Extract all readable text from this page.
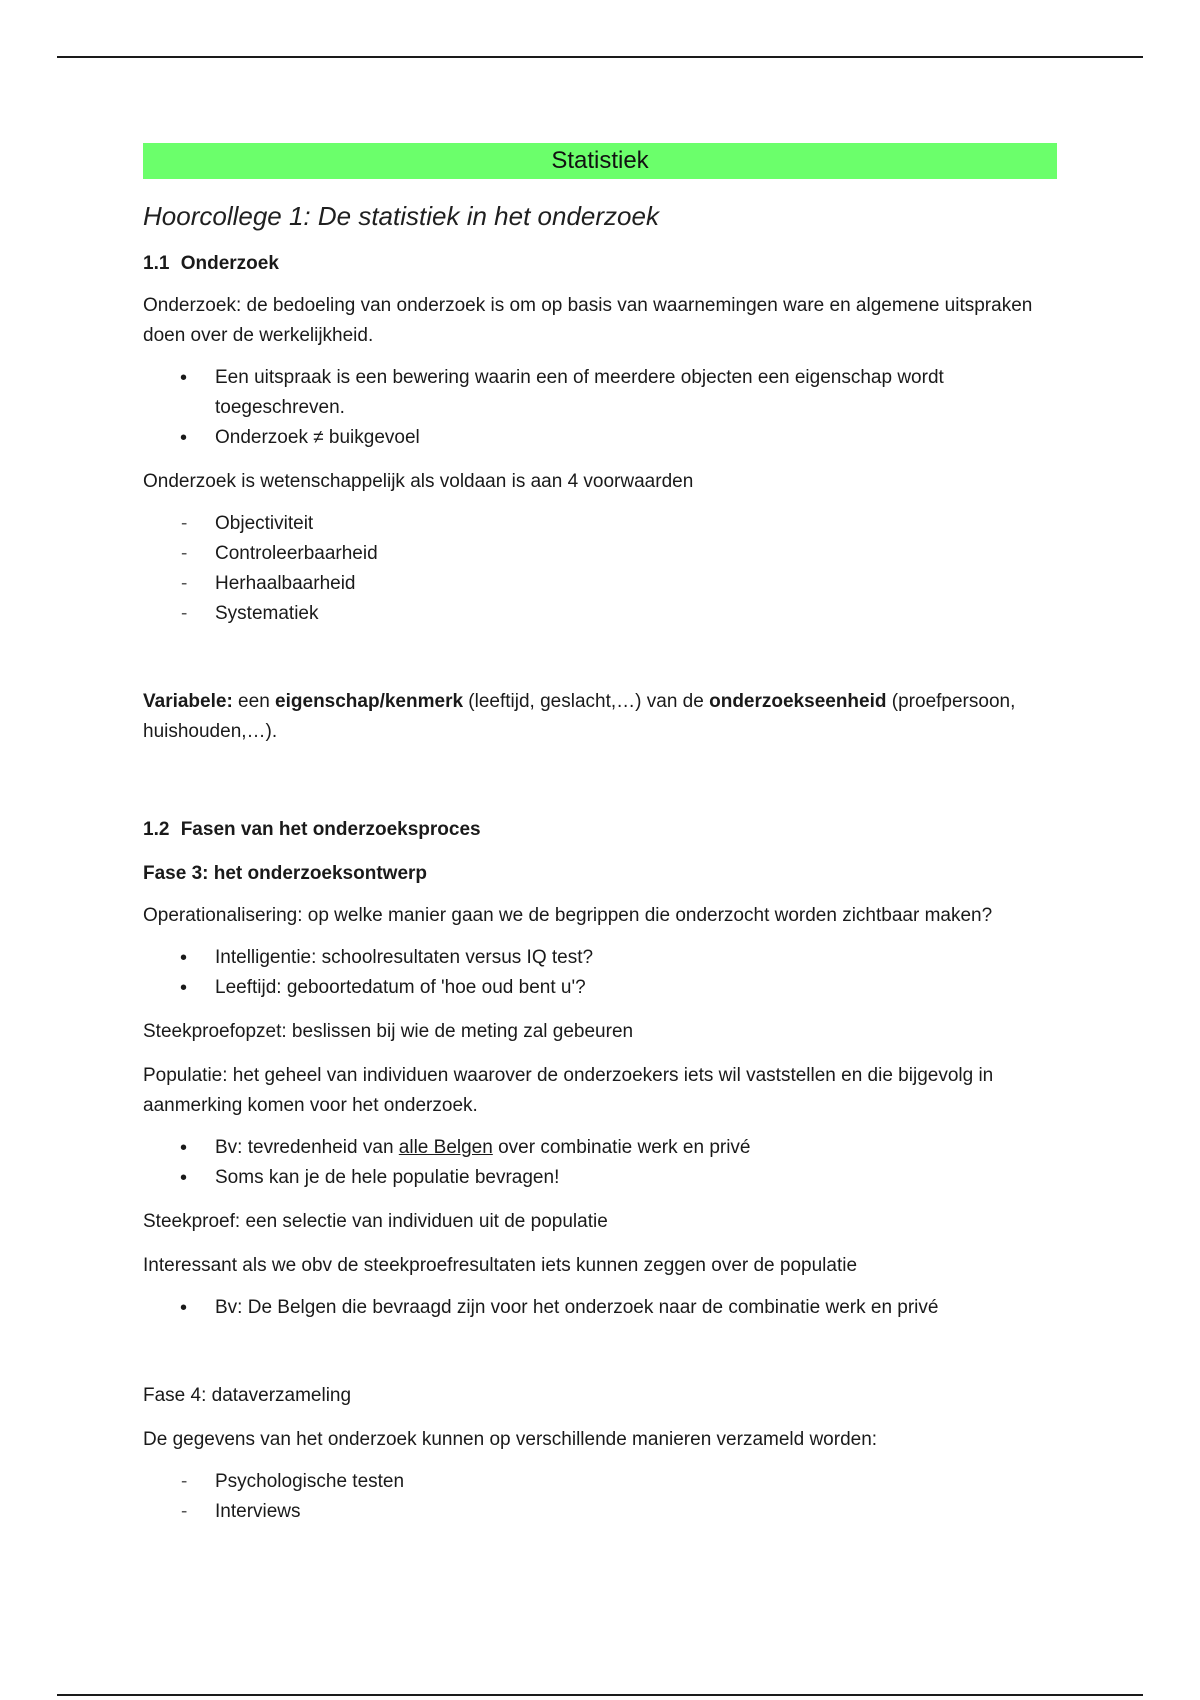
Statistiek
Hoorcollege 1: De statistiek in het onderzoek
1.1 Onderzoek

Onderzoek: de bedoeling van onderzoek is om op basis van waarnemingen ware en algemene uitspraken doen over de werkelijkheid.

• Een uitspraak is een bewering waarin een of meerdere objecten een eigenschap wordt toegeschreven.
• Onderzoek ≠ buikgevoel

Onderzoek is wetenschappelijk als voldaan is aan 4 voorwaarden

- Objectiviteit
- Controleerbaarheid
- Herhaalbaarheid
- Systematiek

Variabele: een eigenschap/kenmerk (leeftijd, geslacht,…) van de onderzoekseenheid (proefpersoon, huishouden,…).

1.2 Fasen van het onderzoeksproces
Fase 3: het onderzoeksontwerp

Operationalisering: op welke manier gaan we de begrippen die onderzocht worden zichtbaar maken?

• Intelligentie: schoolresultaten versus IQ test?
• Leeftijd: geboortedatum of 'hoe oud bent u'?

Steekproefopzet: beslissen bij wie de meting zal gebeuren

Populatie: het geheel van individuen waarover de onderzoekers iets wil vaststellen en die bijgevolg in aanmerking komen voor het onderzoek.

• Bv: tevredenheid van alle Belgen over combinatie werk en privé
• Soms kan je de hele populatie bevragen!

Steekproef: een selectie van individuen uit de populatie

Interessant als we obv de steekproefresultaten iets kunnen zeggen over de populatie

• Bv: De Belgen die bevraagd zijn voor het onderzoek naar de combinatie werk en privé

Fase 4: dataverzameling

De gegevens van het onderzoek kunnen op verschillende manieren verzameld worden:

- Psychologische testen
- Interviews
